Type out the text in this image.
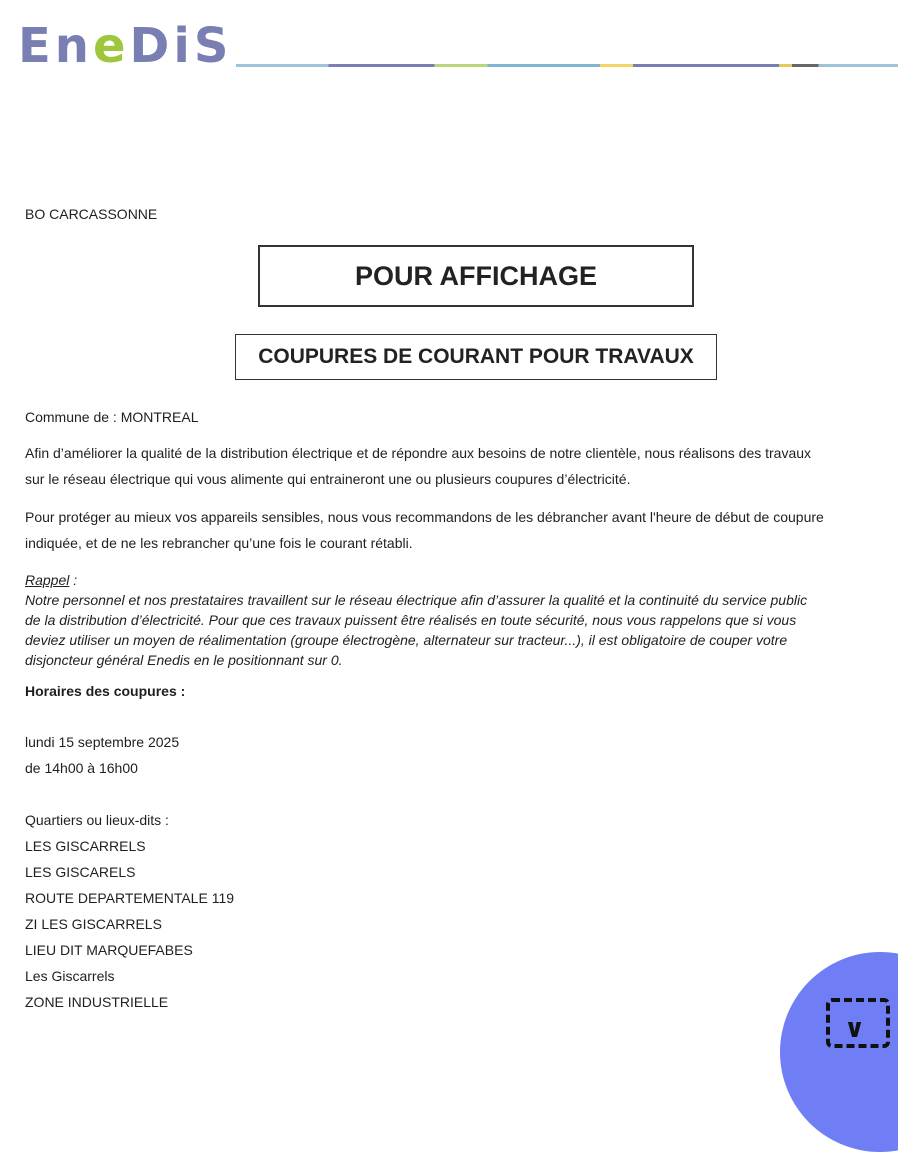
EneDiS
BO CARCASSONNE
POUR AFFICHAGE
COUPURES DE COURANT POUR TRAVAUX
Commune de : MONTREAL
Afin d’améliorer la qualité de la distribution électrique et de répondre aux besoins de notre clientèle, nous réalisons des travaux
sur le réseau électrique qui vous alimente qui entraineront une ou plusieurs coupures d’électricité.
Pour protéger au mieux vos appareils sensibles, nous vous recommandons de les débrancher avant l'heure de début de coupure
indiquée, et de ne les rebrancher qu’une fois le courant rétabli.
Rappel :
Notre personnel et nos prestataires travaillent sur le réseau électrique afin d’assurer la qualité et la continuité du service public
de la distribution d’électricité. Pour que ces travaux puissent être réalisés en toute sécurité, nous vous rappelons que si vous
deviez utiliser un moyen de réalimentation (groupe électrogène, alternateur sur tracteur...), il est obligatoire de couper votre
disjoncteur général Enedis en le positionnant sur 0.
Horaires des coupures :
lundi 15 septembre 2025
de 14h00 à 16h00
Quartiers ou lieux-dits :
LES GISCARRELS
LES GISCARELS
ROUTE DEPARTEMENTALE 119
ZI LES GISCARRELS
LIEU DIT MARQUEFABES
Les Giscarrels
ZONE INDUSTRIELLE
∨
